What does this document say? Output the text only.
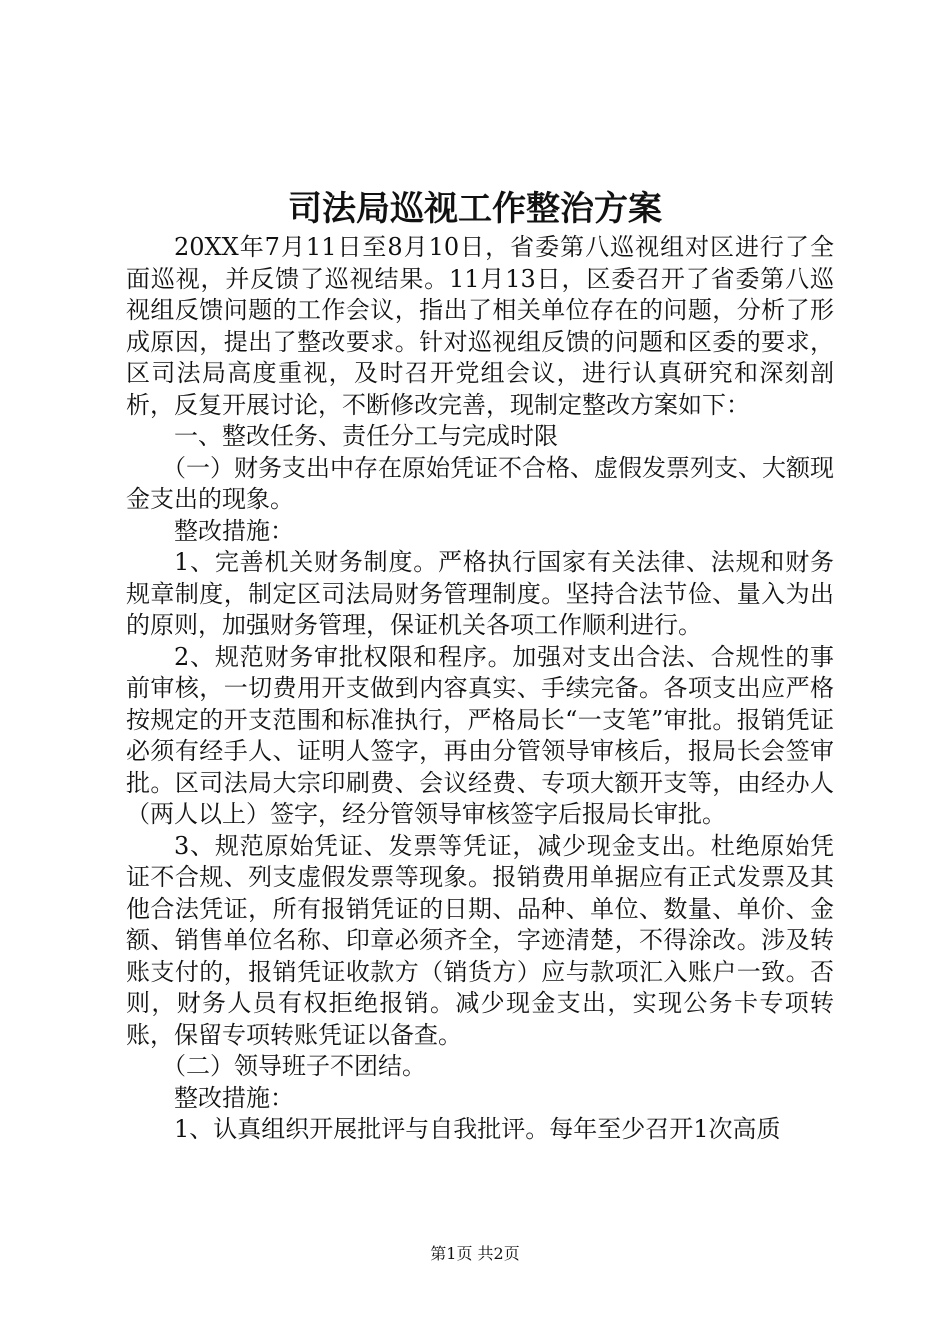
司法局巡视工作整治方案

20XX年7月11日至8月10日，省委第八巡视组对区进行了全面巡视，并反馈了巡视结果。11月13日，区委召开了省委第八巡视组反馈问题的工作会议，指出了相关单位存在的问题，分析了形成原因，提出了整改要求。针对巡视组反馈的问题和区委的要求，区司法局高度重视，及时召开党组会议，进行认真研究和深刻剖析，反复开展讨论，不断修改完善，现制定整改方案如下：

一、整改任务、责任分工与完成时限

（一）财务支出中存在原始凭证不合格、虚假发票列支、大额现金支出的现象。

整改措施：

1、完善机关财务制度。严格执行国家有关法律、法规和财务规章制度，制定区司法局财务管理制度。坚持合法节俭、量入为出的原则，加强财务管理，保证机关各项工作顺利进行。

2、规范财务审批权限和程序。加强对支出合法、合规性的事前审核，一切费用开支做到内容真实、手续完备。各项支出应严格按规定的开支范围和标准执行，严格局长“一支笔”审批。报销凭证必须有经手人、证明人签字，再由分管领导审核后，报局长会签审批。区司法局大宗印刷费、会议经费、专项大额开支等，由经办人（两人以上）签字，经分管领导审核签字后报局长审批。

3、规范原始凭证、发票等凭证，减少现金支出。杜绝原始凭证不合规、列支虚假发票等现象。报销费用单据应有正式发票及其他合法凭证，所有报销凭证的日期、品种、单位、数量、单价、金额、销售单位名称、印章必须齐全，字迹清楚，不得涂改。涉及转账支付的，报销凭证收款方（销货方）应与款项汇入账户一致。否则，财务人员有权拒绝报销。减少现金支出，实现公务卡专项转账，保留专项转账凭证以备查。

（二）领导班子不团结。

整改措施：

1、认真组织开展批评与自我批评。每年至少召开1次高质

第1页 共2页
